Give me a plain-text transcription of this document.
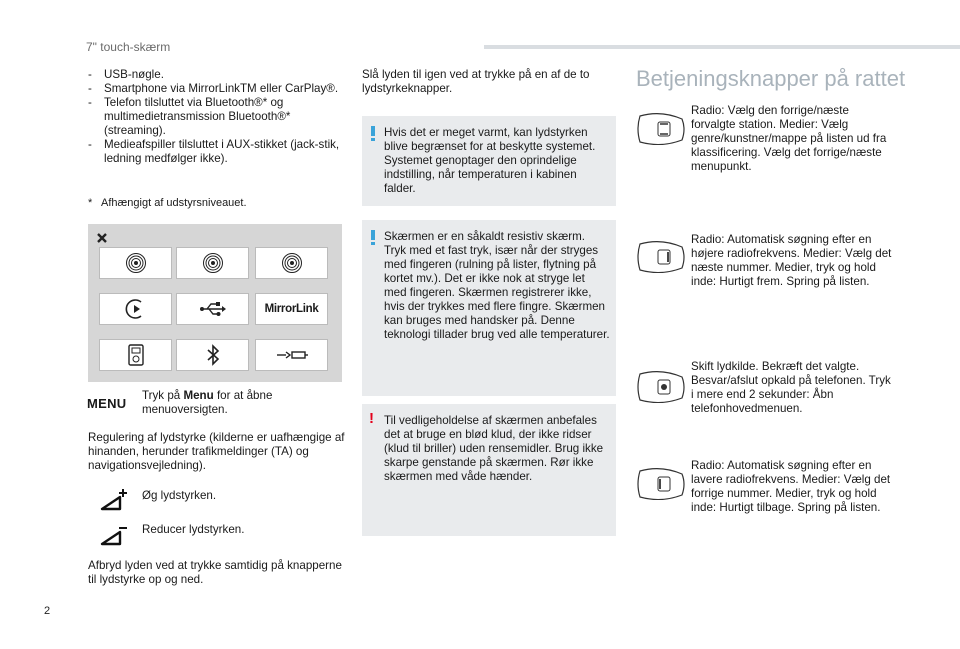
7" touch-skærm
-	USB-nøgle.
-	Smartphone via MirrorLinkTM eller CarPlay®.
-	Telefon tilsluttet via Bluetooth®* og multimedietransmission Bluetooth®* (streaming).
-	Medieafspiller tilsluttet i AUX-stikket (jack-stik, ledning medfølger ikke).
* Afhængigt af udstyrsniveauet.
MirrorLink
MENU
Tryk på Menu for at åbne menuoversigten.
Regulering af lydstyrke (kilderne er uafhængige af hinanden, herunder trafikmeldinger (TA) og navigationsvejledning).
Øg lydstyrken.
Reducer lydstyrken.
Afbryd lyden ved at trykke samtidig på knapperne til lydstyrke op og ned.
Slå lyden til igen ved at trykke på en af de to lydstyrkeknapper.
Hvis det er meget varmt, kan lydstyrken blive begrænset for at beskytte systemet. Systemet genoptager den oprindelige indstilling, når temperaturen i kabinen falder.
Skærmen er en såkaldt resistiv skærm. Tryk med et fast tryk, især når der stryges med fingeren (rulning på lister, flytning på kortet mv.). Det er ikke nok at stryge let med fingeren. Skærmen registrerer ikke, hvis der trykkes med flere fingre. Skærmen kan bruges med handsker på. Denne teknologi tillader brug ved alle temperaturer.
! Til vedligeholdelse af skærmen anbefales det at bruge en blød klud, der ikke ridser (klud til briller) uden rensemidler. Brug ikke skarpe genstande på skærmen. Rør ikke skærmen med våde hænder.
Betjeningsknapper på rattet
Radio: Vælg den forrige/næste forvalgte station. Medier: Vælg genre/kunstner/mappe på listen ud fra klassificering. Vælg det forrige/næste menupunkt.
Radio: Automatisk søgning efter en højere radiofrekvens. Medier: Vælg det næste nummer. Medier, tryk og hold inde: Hurtigt frem. Spring på listen.
Skift lydkilde. Bekræft det valgte. Besvar/afslut opkald på telefonen. Tryk i mere end 2 sekunder: Åbn telefonhovedmenuen.
Radio: Automatisk søgning efter en lavere radiofrekvens. Medier: Vælg det forrige nummer. Medier, tryk og hold inde: Hurtigt tilbage. Spring på listen.
2
